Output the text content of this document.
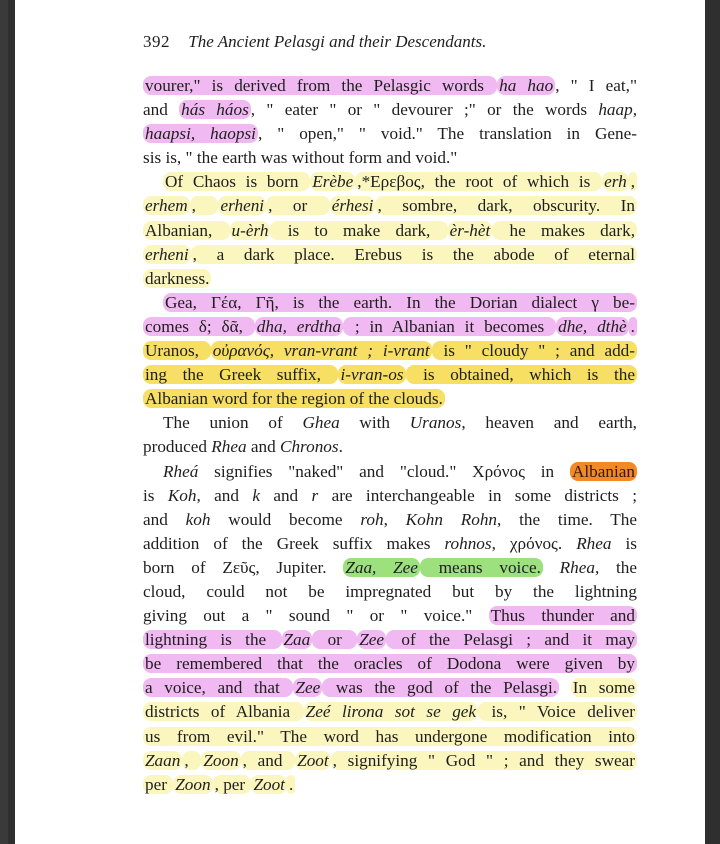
392 The Ancient Pelasgi and their Descendants.
vourer," is derived from the Pelasgic words ha hao , " I eat,"
and hás háos , " eater " or " devourer ;" or the words haap,
haapsi, haopsi , " open," " void." The translation in Gene-
sis is, " the earth was without form and void."
Of Chaos is born Erèbe ,*Ερεβος, the root of which is erh ,
erhem , erheni , or érhesi , sombre, dark, obscurity. In
Albanian, u-èrh is to make dark, èr-hèt he makes dark,
erheni , a dark place. Erebus is the abode of eternal
darkness.
Gea, Γέα, Γῆ, is the earth. In the Dorian dialect γ be-
comes δ; δᾶ, dha, erdtha ; in Albanian it becomes dhe, dthè .
Uranos, οὐρανός, vran-vrant ; i-vrant is " cloudy " ; and add-
ing the Greek suffix, i-vran-os is obtained, which is the
Albanian word for the region of the clouds.
The union of Ghea with Uranos, heaven and earth,
produced Rhea and Chronos.
Rheá signifies "naked" and "cloud." Χρόνος in Albanian
is Koh, and k and r are interchangeable in some districts ;
and koh would become roh, Kohn Rohn, the time. The
addition of the Greek suffix makes rohnos, χρόνος. Rhea is
born of Ζεῦς, Jupiter. Zaa, Zee means voice. Rhea, the
cloud, could not be impregnated but by the lightning
giving out a " sound " or " voice." Thus thunder and
lightning is the Zaa or Zee of the Pelasgi ; and it may
be remembered that the oracles of Dodona were given by
a voice, and that Zee was the god of the Pelasgi. In some
districts of Albania Zeé lirona sot se gek is, " Voice deliver
us from evil." The word has undergone modification into
Zaan , Zoon , and Zoot , signifying " God " ; and they swear
per Zoon , per Zoot .
